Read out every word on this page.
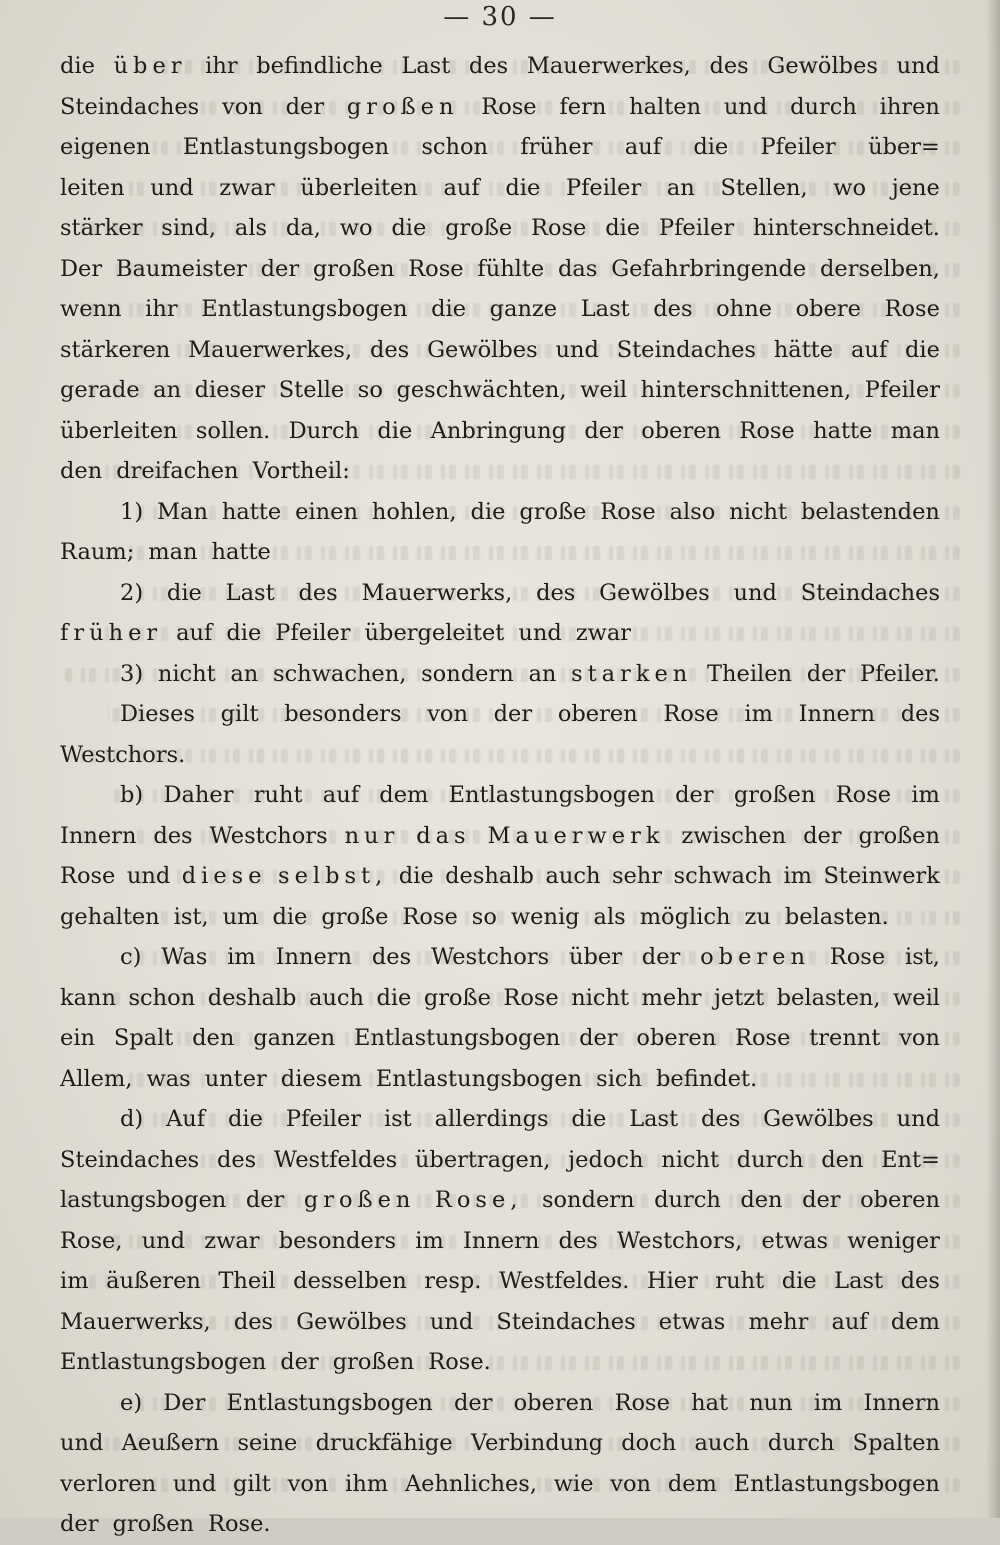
— 30 —
die über ihr befindliche Last des Mauerwerkes, des Gewölbes und
Steindaches von der großen Rose fern halten und durch ihren
eigenen Entlastungsbogen schon früher auf die Pfeiler über=
leiten und zwar überleiten auf die Pfeiler an Stellen, wo jene
stärker sind, als da, wo die große Rose die Pfeiler hinterschneidet.
Der Baumeister der großen Rose fühlte das Gefahrbringende derselben,
wenn ihr Entlastungsbogen die ganze Last des ohne obere Rose
stärkeren Mauerwerkes, des Gewölbes und Steindaches hätte auf die
gerade an dieser Stelle so geschwächten, weil hinterschnittenen, Pfeiler
überleiten sollen. Durch die Anbringung der oberen Rose hatte man
den dreifachen Vortheil:
1) Man hatte einen hohlen, die große Rose also nicht belastenden
Raum; man hatte
2) die Last des Mauerwerks, des Gewölbes und Steindaches
früher auf die Pfeiler übergeleitet und zwar
3) nicht an schwachen, sondern an starken Theilen der Pfeiler.
Dieses gilt besonders von der oberen Rose im Innern des
Westchors.
b) Daher ruht auf dem Entlastungsbogen der großen Rose im
Innern des Westchors nur das Mauerwerk zwischen der großen
Rose und diese selbst, die deshalb auch sehr schwach im Steinwerk
gehalten ist, um die große Rose so wenig als möglich zu belasten.
c) Was im Innern des Westchors über der oberen Rose ist,
kann schon deshalb auch die große Rose nicht mehr jetzt belasten, weil
ein Spalt den ganzen Entlastungsbogen der oberen Rose trennt von
Allem, was unter diesem Entlastungsbogen sich befindet.
d) Auf die Pfeiler ist allerdings die Last des Gewölbes und
Steindaches des Westfeldes übertragen, jedoch nicht durch den Ent=
lastungsbogen der großen Rose, sondern durch den der oberen
Rose, und zwar besonders im Innern des Westchors, etwas weniger
im äußeren Theil desselben resp. Westfeldes. Hier ruht die Last des
Mauerwerks, des Gewölbes und Steindaches etwas mehr auf dem
Entlastungsbogen der großen Rose.
e) Der Entlastungsbogen der oberen Rose hat nun im Innern
und Aeußern seine druckfähige Verbindung doch auch durch Spalten
verloren und gilt von ihm Aehnliches, wie von dem Entlastungsbogen
der großen Rose.
